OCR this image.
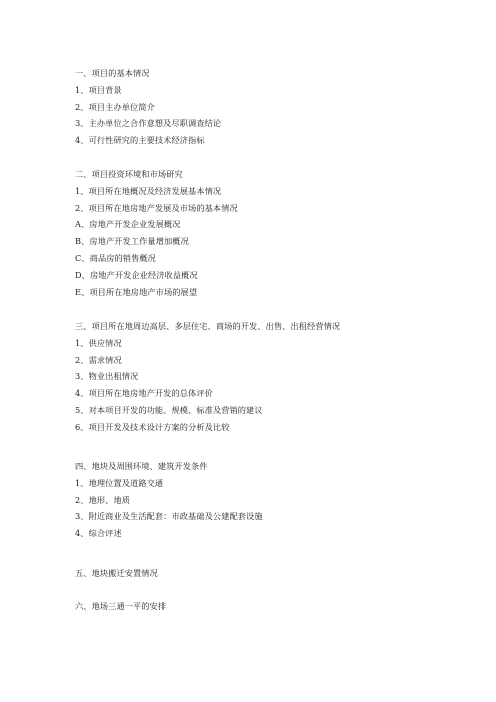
一、项目的基本情况
1、项目背景
2、项目主办单位简介
3、主办单位之合作意想及尽职调查结论
4、可行性研究的主要技术经济指标
二、项目投资环境和市场研究
1、项目所在地概况及经济发展基本情况
2、项目所在地房地产发展及市场的基本情况
A、房地产开发企业发展概况
B、房地产开发工作量增加概况
C、商品房的销售概况
D、房地产开发企业经济收益概况
E、项目所在地房地产市场的展望
三、项目所在地周边高层、多层住宅、商场的开发、出售、出租经营情况
1、供应情况
2、需求情况
3、物业出租情况
4、项目所在地房地产开发的总体评价
5、对本项目开发的功能、规模、标准及营销的建议
6、项目开发及技术设计方案的分析及比较
四、地块及周围环境、建筑开发条件
1、地理位置及道路交通
2、地形、地质
3、附近商业及生活配套：市政基础及公建配套设施
4、综合评述
五、地块搬迁安置情况
六、地场三通一平的安排
